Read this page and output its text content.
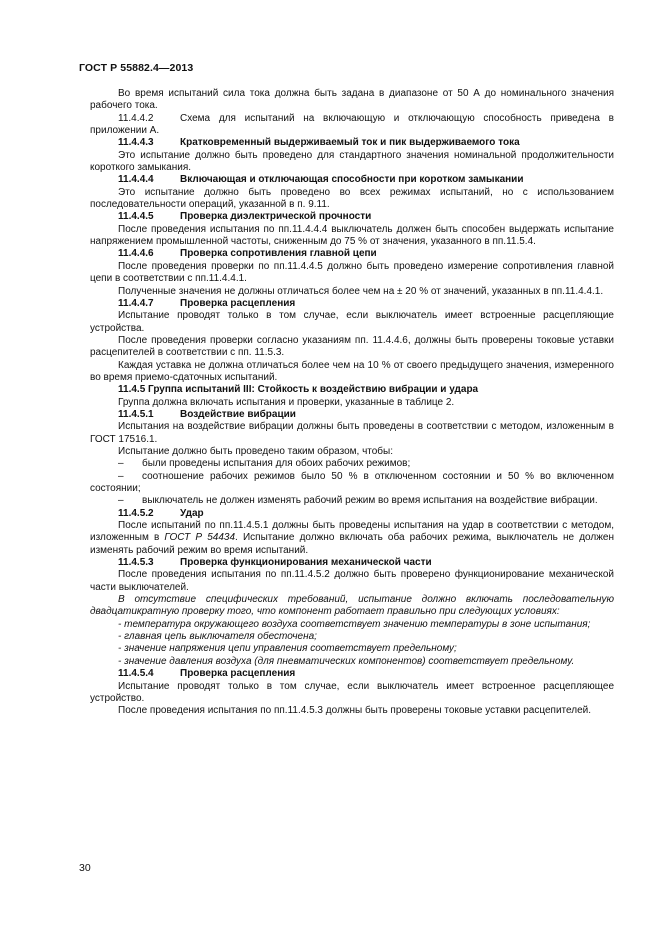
ГОСТ Р 55882.4—2013

Во время испытаний сила тока должна быть задана в диапазоне от 50 А до номинального значения рабочего тока.

11.4.4.2	Схема для испытаний на включающую и отключающую способность приведена в приложении А.

11.4.4.3	Кратковременный выдерживаемый ток и пик выдерживаемого тока

Это испытание должно быть проведено для стандартного значения номинальной продолжительности короткого замыкания.

11.4.4.4	Включающая и отключающая способности при коротком замыкании

Это испытание должно быть проведено во всех режимах испытаний, но с использованием последовательности операций, указанной в п. 9.11.

11.4.4.5	Проверка диэлектрической прочности

После проведения испытания по пп.11.4.4.4 выключатель должен быть способен выдержать испытание напряжением промышленной частоты, сниженным до 75 % от значения, указанного в пп.11.5.4.

11.4.4.6	Проверка сопротивления главной цепи

После проведения проверки по пп.11.4.4.5 должно быть проведено измерение сопротивления главной цепи в соответствии с пп.11.4.4.1.

Полученные значения не должны отличаться более чем на ± 20 % от значений, указанных в пп.11.4.4.1.

11.4.4.7	Проверка расцепления

Испытание проводят только в том случае, если выключатель имеет встроенные расцепляющие устройства.

После проведения проверки согласно указаниям пп. 11.4.4.6, должны быть проверены токовые уставки расцепителей в соответствии с пп. 11.5.3.

Каждая уставка не должна отличаться более чем на 10 % от своего предыдущего значения, измеренного во время приемо-сдаточных испытаний.

11.4.5 Группа испытаний III: Стойкость к воздействию вибрации и удара

Группа должна включать испытания и проверки, указанные в таблице 2.

11.4.5.1	Воздействие вибрации

Испытания на воздействие вибрации должны быть проведены в соответствии с методом, изложенным в ГОСТ 17516.1.

Испытание должно быть проведено таким образом, чтобы:

– были проведены испытания для обоих рабочих режимов;

– соотношение рабочих режимов было 50 % в отключенном состоянии и 50 % во включенном состоянии;

– выключатель не должен изменять рабочий режим во время испытания на воздействие вибрации.

11.4.5.2	Удар

После испытаний по пп.11.4.5.1 должны быть проведены испытания на удар в соответствии с методом, изложенным в ГОСТ Р 54434. Испытание должно включать оба рабочих режима, выключатель не должен изменять рабочий режим во время испытаний.

11.4.5.3	Проверка функционирования механической части

После проведения испытания по пп.11.4.5.2 должно быть проверено функционирование механической части выключателей.

В отсутствие специфических требований, испытание должно включать последовательную двадцатикратную проверку того, что компонент работает правильно при следующих условиях:

- температура окружающего воздуха соответствует значению температуры в зоне испытания;

- главная цепь выключателя обесточена;

- значение напряжения цепи управления соответствует предельному;

- значение давления воздуха (для пневматических компонентов) соответствует предельному.

11.4.5.4	Проверка расцепления

Испытание проводят только в том случае, если выключатель имеет встроенное расцепляющее устройство.

После проведения испытания по пп.11.4.5.3 должны быть проверены токовые уставки расцепителей.

30
